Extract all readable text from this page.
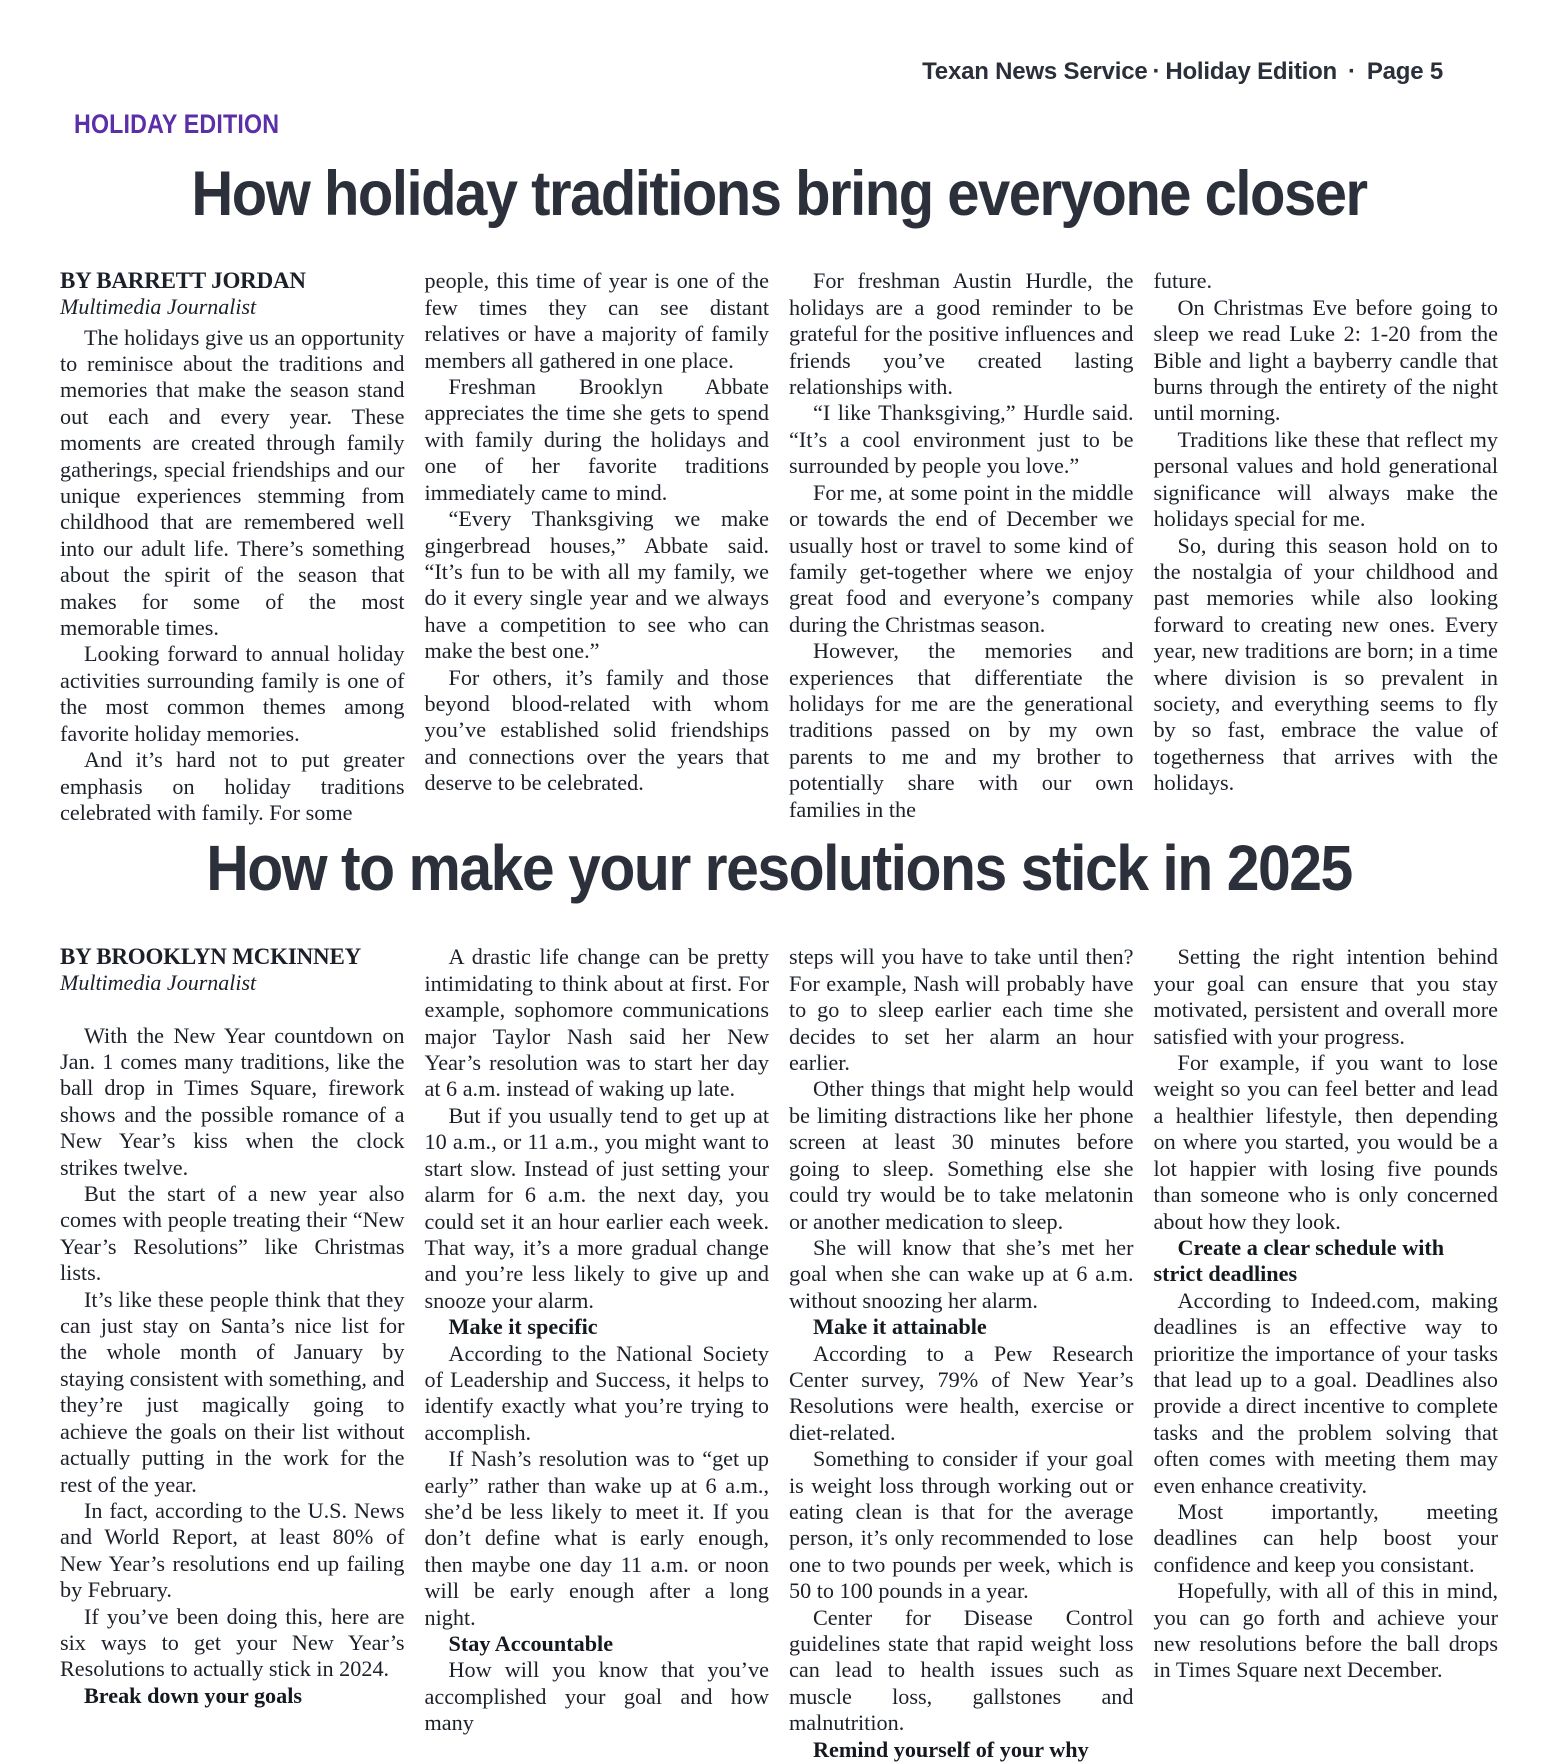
Texan News Service · Holiday Edition · Page 5
HOLIDAY EDITION
How holiday traditions bring everyone closer
BY BARRETT JORDAN
Multimedia Journalist

The holidays give us an opportunity to reminisce about the traditions and memories that make the season stand out each and every year. These moments are created through family gatherings, special friendships and our unique experiences stemming from childhood that are remembered well into our adult life. There’s something about the spirit of the season that makes for some of the most memorable times.

Looking forward to annual holiday activities surrounding family is one of the most common themes among favorite holiday memories.

And it’s hard not to put greater emphasis on holiday traditions celebrated with family. For some

people, this time of year is one of the few times they can see distant relatives or have a majority of family members all gathered in one place.

Freshman Brooklyn Abbate appreciates the time she gets to spend with family during the holidays and one of her favorite traditions immediately came to mind.

“Every Thanksgiving we make gingerbread houses,” Abbate said. “It’s fun to be with all my family, we do it every single year and we always have a competition to see who can make the best one.”

For others, it’s family and those beyond blood-related with whom you’ve established solid friendships and connections over the years that deserve to be celebrated.

For freshman Austin Hurdle, the holidays are a good reminder to be grateful for the positive influences and friends you’ve created lasting relationships with.

“I like Thanksgiving,” Hurdle said. “It’s a cool environment just to be surrounded by people you love.”

For me, at some point in the middle or towards the end of December we usually host or travel to some kind of family get-together where we enjoy great food and everyone’s company during the Christmas season.

However, the memories and experiences that differentiate the holidays for me are the generational traditions passed on by my own parents to me and my brother to potentially share with our own families in the

future.

On Christmas Eve before going to sleep we read Luke 2: 1-20 from the Bible and light a bayberry candle that burns through the entirety of the night until morning.

Traditions like these that reflect my personal values and hold generational significance will always make the holidays special for me.

So, during this season hold on to the nostalgia of your childhood and past memories while also looking forward to creating new ones. Every year, new traditions are born; in a time where division is so prevalent in society, and everything seems to fly by so fast, embrace the value of togetherness that arrives with the holidays.

How to make your resolutions stick in 2025
BY BROOKLYN MCKINNEY
Multimedia Journalist

With the New Year countdown on Jan. 1 comes many traditions, like the ball drop in Times Square, firework shows and the possible romance of a New Year’s kiss when the clock strikes twelve.

But the start of a new year also comes with people treating their “New Year’s Resolutions” like Christmas lists.

It’s like these people think that they can just stay on Santa’s nice list for the whole month of January by staying consistent with something, and they’re just magically going to achieve the goals on their list without actually putting in the work for the rest of the year.

In fact, according to the U.S. News and World Report, at least 80% of New Year’s resolutions end up failing by February.

If you’ve been doing this, here are six ways to get your New Year’s Resolutions to actually stick in 2024.

Break down your goals

A drastic life change can be pretty intimidating to think about at first. For example, sophomore communications major Taylor Nash said her New Year’s resolution was to start her day at 6 a.m. instead of waking up late.

But if you usually tend to get up at 10 a.m., or 11 a.m., you might want to start slow. Instead of just setting your alarm for 6 a.m. the next day, you could set it an hour earlier each week. That way, it’s a more gradual change and you’re less likely to give up and snooze your alarm.

Make it specific

According to the National Society of Leadership and Success, it helps to identify exactly what you’re trying to accomplish.

If Nash’s resolution was to “get up early” rather than wake up at 6 a.m., she’d be less likely to meet it. If you don’t define what is early enough, then maybe one day 11 a.m. or noon will be early enough after a long night.

Stay Accountable

How will you know that you’ve accomplished your goal and how many

steps will you have to take until then? For example, Nash will probably have to go to sleep earlier each time she decides to set her alarm an hour earlier.

Other things that might help would be limiting distractions like her phone screen at least 30 minutes before going to sleep. Something else she could try would be to take melatonin or another medication to sleep.

She will know that she’s met her goal when she can wake up at 6 a.m. without snoozing her alarm.

Make it attainable

According to a Pew Research Center survey, 79% of New Year’s Resolutions were health, exercise or diet-related.

Something to consider if your goal is weight loss through working out or eating clean is that for the average person, it’s only recommended to lose one to two pounds per week, which is 50 to 100 pounds in a year.

Center for Disease Control guidelines state that rapid weight loss can lead to health issues such as muscle loss, gallstones and malnutrition.

Remind yourself of your why

Setting the right intention behind your goal can ensure that you stay motivated, persistent and overall more satisfied with your progress.

For example, if you want to lose weight so you can feel better and lead a healthier lifestyle, then depending on where you started, you would be a lot happier with losing five pounds than someone who is only concerned about how they look.

Create a clear schedule with strict deadlines

According to Indeed.com, making deadlines is an effective way to prioritize the importance of your tasks that lead up to a goal. Deadlines also provide a direct incentive to complete tasks and the problem solving that often comes with meeting them may even enhance creativity.

Most importantly, meeting deadlines can help boost your confidence and keep you consistant.

Hopefully, with all of this in mind, you can go forth and achieve your new resolutions before the ball drops in Times Square next December.
